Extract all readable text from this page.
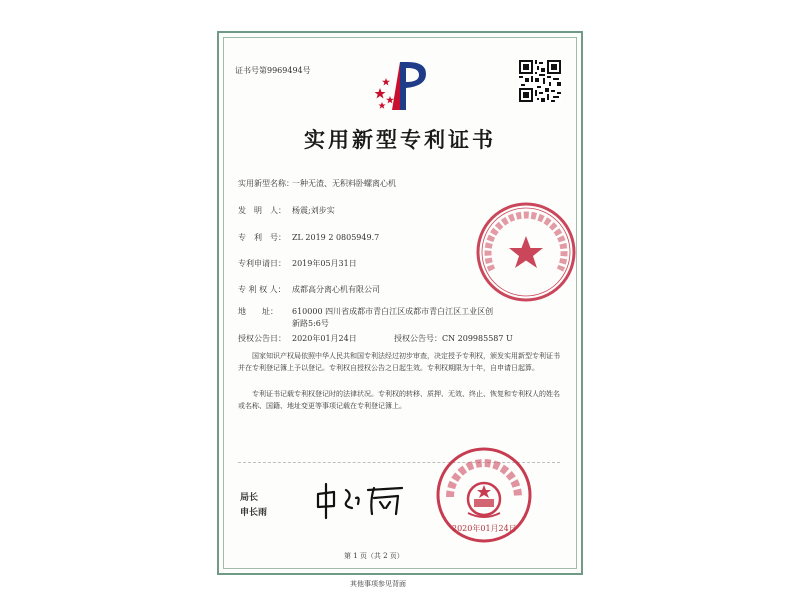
证书号第9969494号
实用新型专利证书
实用新型名称：一种无渣、无积料卧螺离心机
发　明　人： 杨震;刘步实
专　利　号： ZL 2019 2 0805949.7
专利申请日： 2019年05月31日
专 利 权 人： 成都高分离心机有限公司
地　　址： 610000 四川省成都市青白江区成都市青白江区工业区创
新路5:6号
授权公告日： 2020年01月24日	授权公告号：CN 209985587 U
国家知识产权局依照中华人民共和国专利法经过初步审查，决定授予专利权，颁发实用新型专利证书并在专利登记簿上予以登记。专利权自授权公告之日起生效。专利权期限为十年，自申请日起算。
专利证书记载专利权登记时的法律状况。专利权的转移、质押、无效、终止、恢复和专利权人的姓名或名称、国籍、地址变更等事项记载在专利登记簿上。
局长
申长雨
2020年01月24日
第 1 页（共 2 页）
其他事项参见背面
